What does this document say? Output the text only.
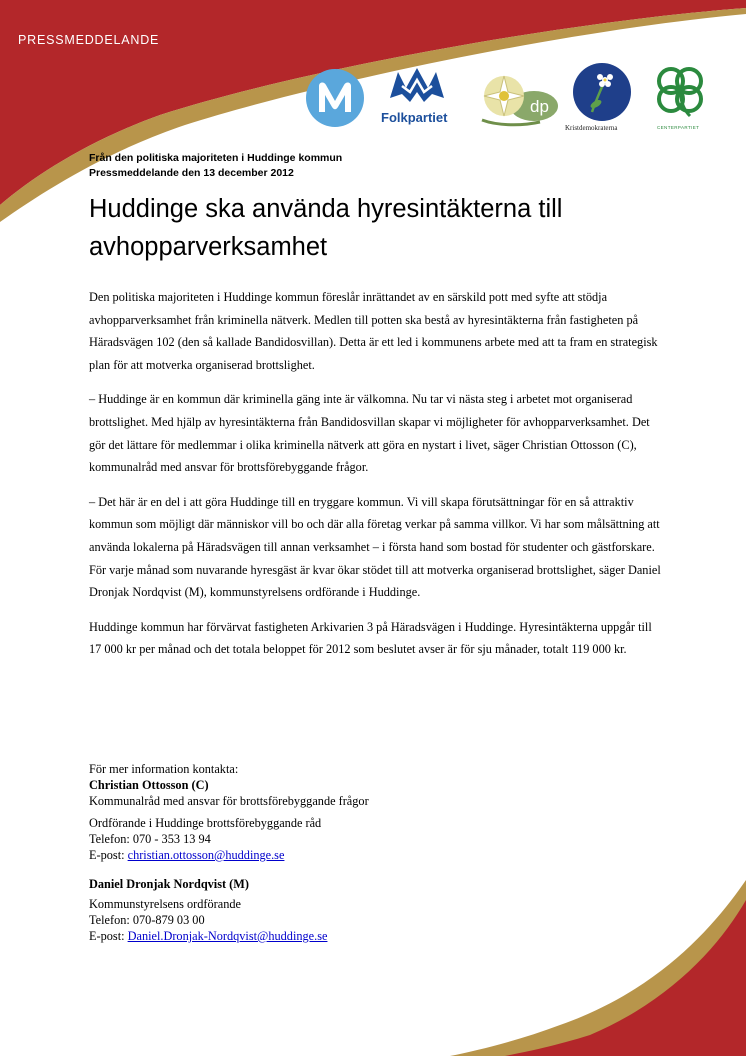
PRESSMEDDELANDE
Folkpartiet
dp
Kristdemokraterna	CENTERPARTIET
Från den politiska majoriteten i Huddinge kommun
Pressmeddelande den 13 december 2012
Huddinge ska använda hyresintäkterna till avhopparverksamhet

Den politiska majoriteten i Huddinge kommun föreslår inrättandet av en särskild pott med syfte att stödja avhopparverksamhet från kriminella nätverk. Medlen till potten ska bestå av hyresintäkterna från fastigheten på Häradsvägen 102 (den så kallade Bandidosvillan). Detta är ett led i kommunens arbete med att ta fram en strategisk plan för att motverka organiserad brottslighet.

– Huddinge är en kommun där kriminella gäng inte är välkomna. Nu tar vi nästa steg i arbetet mot organiserad brottslighet. Med hjälp av hyresintäkterna från Bandidosvillan skapar vi möjligheter för avhopparverksamhet. Det gör det lättare för medlemmar i olika kriminella nätverk att göra en nystart i livet, säger Christian Ottosson (C), kommunalråd med ansvar för brottsförebyggande frågor.

– Det här är en del i att göra Huddinge till en tryggare kommun. Vi vill skapa förutsättningar för en så attraktiv kommun som möjligt där människor vill bo och där alla företag verkar på samma villkor. Vi har som målsättning att använda lokalerna på Häradsvägen till annan verksamhet – i första hand som bostad för studenter och gästforskare. För varje månad som nuvarande hyresgäst är kvar ökar stödet till att motverka organiserad brottslighet, säger Daniel Dronjak Nordqvist (M), kommunstyrelsens ordförande i Huddinge.

Huddinge kommun har förvärvat fastigheten Arkivarien 3 på Häradsvägen i Huddinge. Hyresintäkterna uppgår till 17 000 kr per månad och det totala beloppet för 2012 som beslutet avser är för sju månader, totalt 119 000 kr.

För mer information kontakta:
Christian Ottosson (C)
Kommunalråd med ansvar för brottsförebyggande frågor
Ordförande i Huddinge brottsförebyggande råd
Telefon: 070 - 353 13 94
E-post: christian.ottosson@huddinge.se
Daniel Dronjak Nordqvist (M)
Kommunstyrelsens ordförande
Telefon: 070-879 03 00
E-post: Daniel.Dronjak-Nordqvist@huddinge.se
